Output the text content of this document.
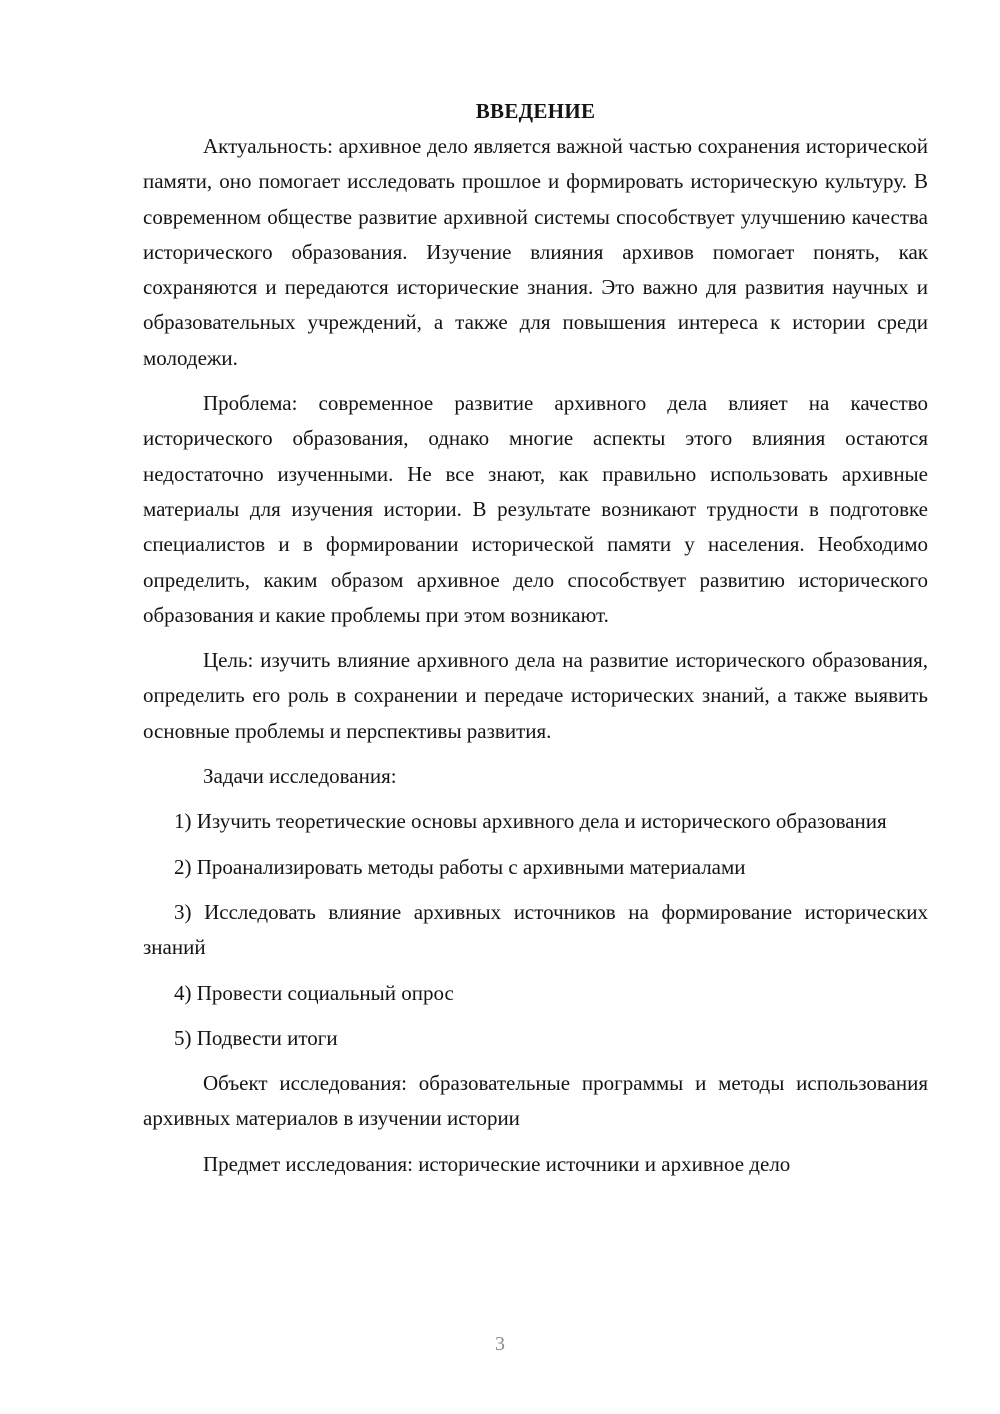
ВВЕДЕНИЕ

Актуальность: архивное дело является важной частью сохранения исторической памяти, оно помогает исследовать прошлое и формировать историческую культуру. В современном обществе развитие архивной системы способствует улучшению качества исторического образования. Изучение влияния архивов помогает понять, как сохраняются и передаются исторические знания. Это важно для развития научных и образовательных учреждений, а также для повышения интереса к истории среди молодежи.

Проблема: современное развитие архивного дела влияет на качество исторического образования, однако многие аспекты этого влияния остаются недостаточно изученными. Не все знают, как правильно использовать архивные материалы для изучения истории. В результате возникают трудности в подготовке специалистов и в формировании исторической памяти у населения. Необходимо определить, каким образом архивное дело способствует развитию исторического образования и какие проблемы при этом возникают.

Цель: изучить влияние архивного дела на развитие исторического образования, определить его роль в сохранении и передаче исторических знаний, а также выявить основные проблемы и перспективы развития.

Задачи исследования:

1) Изучить теоретические основы архивного дела и исторического образования

2) Проанализировать методы работы с архивными материалами

3) Исследовать влияние архивных источников на формирование исторических знаний

4) Провести социальный опрос

5) Подвести итоги

Объект исследования: образовательные программы и методы использования архивных материалов в изучении истории

Предмет исследования: исторические источники и архивное дело

3
